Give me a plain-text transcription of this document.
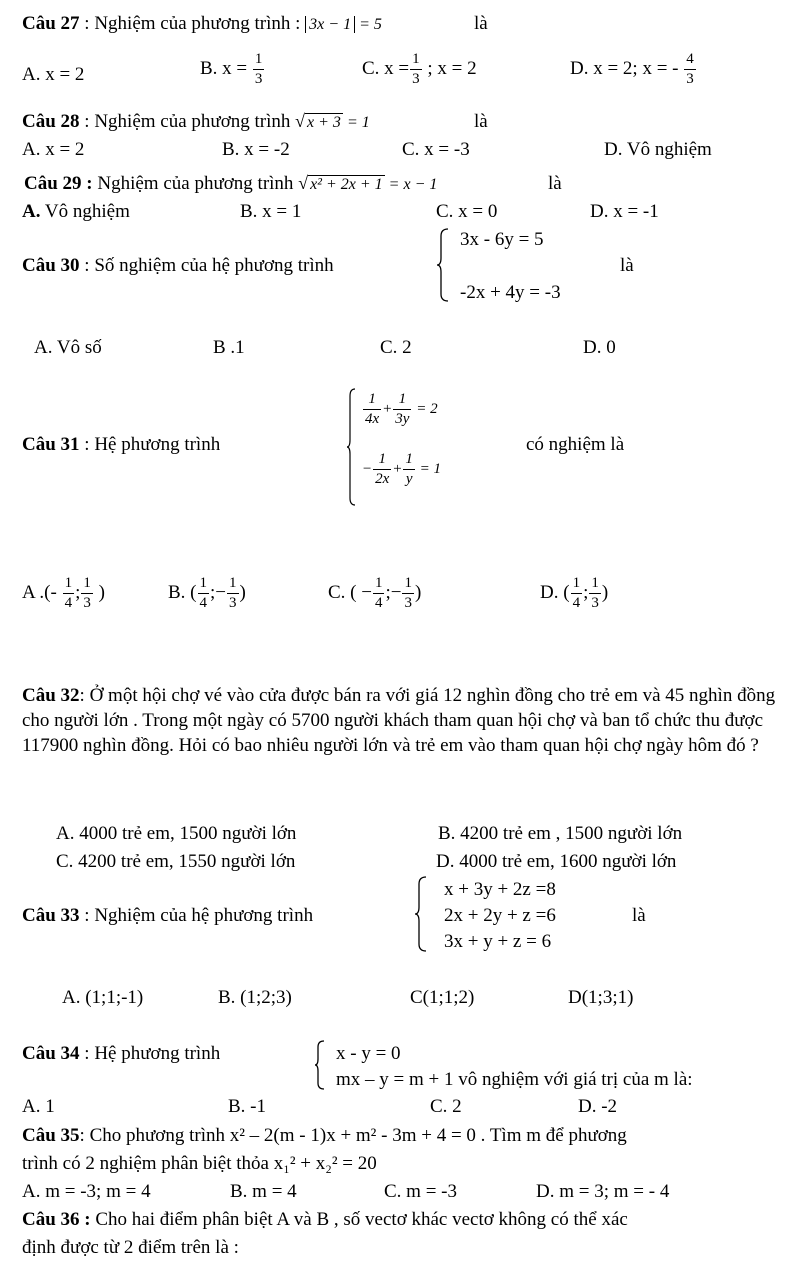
Câu 27 : Nghiệm của phương trình : 3x − 1 = 5	là
A. x = 2	B. $x = \frac{1}{3}$	C. $x = \frac{1}{3}$ ; x = 2	D. x = 2; x = - $\frac{4}{3}$
Câu 28 : Nghiệm của phương trình √ x + 3 = 1	là
A. x = 2	B. x = -2	C. x = -3	D. Vô nghiệm
Câu 29 : Nghiệm của phương trình √ x² + 2x + 1 = x − 1	là
A. Vô nghiệm	B. x = 1	C. x = 0	D. x = -1
Câu 30 : Số nghiệm của hệ phương trình
3x - 6y = 5
-2x + 4y = -3
là
A. Vô số	B .1	C. 2	D. 0
Câu 31 : Hệ phương trình
$\frac{1}{4x} + \frac{1}{3y} = 2$
− $\frac{1}{2x} + \frac{1}{y} = 1$
có nghiệm là
A .(- $\frac{1}{4}$ ; $\frac{1}{3}$ )	B. ( $\frac{1}{4}$ ;− $\frac{1}{3}$ )	C. ( − $\frac{1}{4}$ ;− $\frac{1}{3}$ )	D. ( $\frac{1}{4}$ ; $\frac{1}{3}$ )
Câu 32: Ở một hội chợ vé vào cửa được bán ra với giá 12 nghìn đồng cho trẻ em và 45 nghìn đồng cho người lớn . Trong một ngày có 5700 người khách tham quan hội chợ và ban tổ chức thu được 117900 nghìn đồng. Hỏi có bao nhiêu người lớn và trẻ em vào tham quan hội chợ ngày hôm đó ?
A. 4000 trẻ em, 1500 người lớn	B. 4200 trẻ em , 1500 người lớn
C. 4200 trẻ em, 1550 người lớn	D. 4000 trẻ em, 1600 người lớn
Câu 33 : Nghiệm của hệ phương trình
x + 3y + 2z =8
2x + 2y + z =6
3x + y + z = 6
là
A. (1;1;-1)	B. (1;2;3)	C(1;1;2)	D(1;3;1)
Câu 34 : Hệ phương trình	x - y = 0
mx – y = m + 1 vô nghiệm với giá trị của m là:
A. 1	B. -1	C. 2	D. -2
Câu 35: Cho phương trình x² – 2(m - 1)x + m² - 3m + 4 = 0 . Tìm m để phương
trình có 2 nghiệm phân biệt thỏa x₁² + x₂² = 20
A. m = -3; m = 4	B. m = 4	C. m = -3	D. m = 3; m = - 4
Câu 36 : Cho hai điểm phân biệt A và B , số vectơ khác vectơ không có thể xác
định được từ 2 điểm trên là :
